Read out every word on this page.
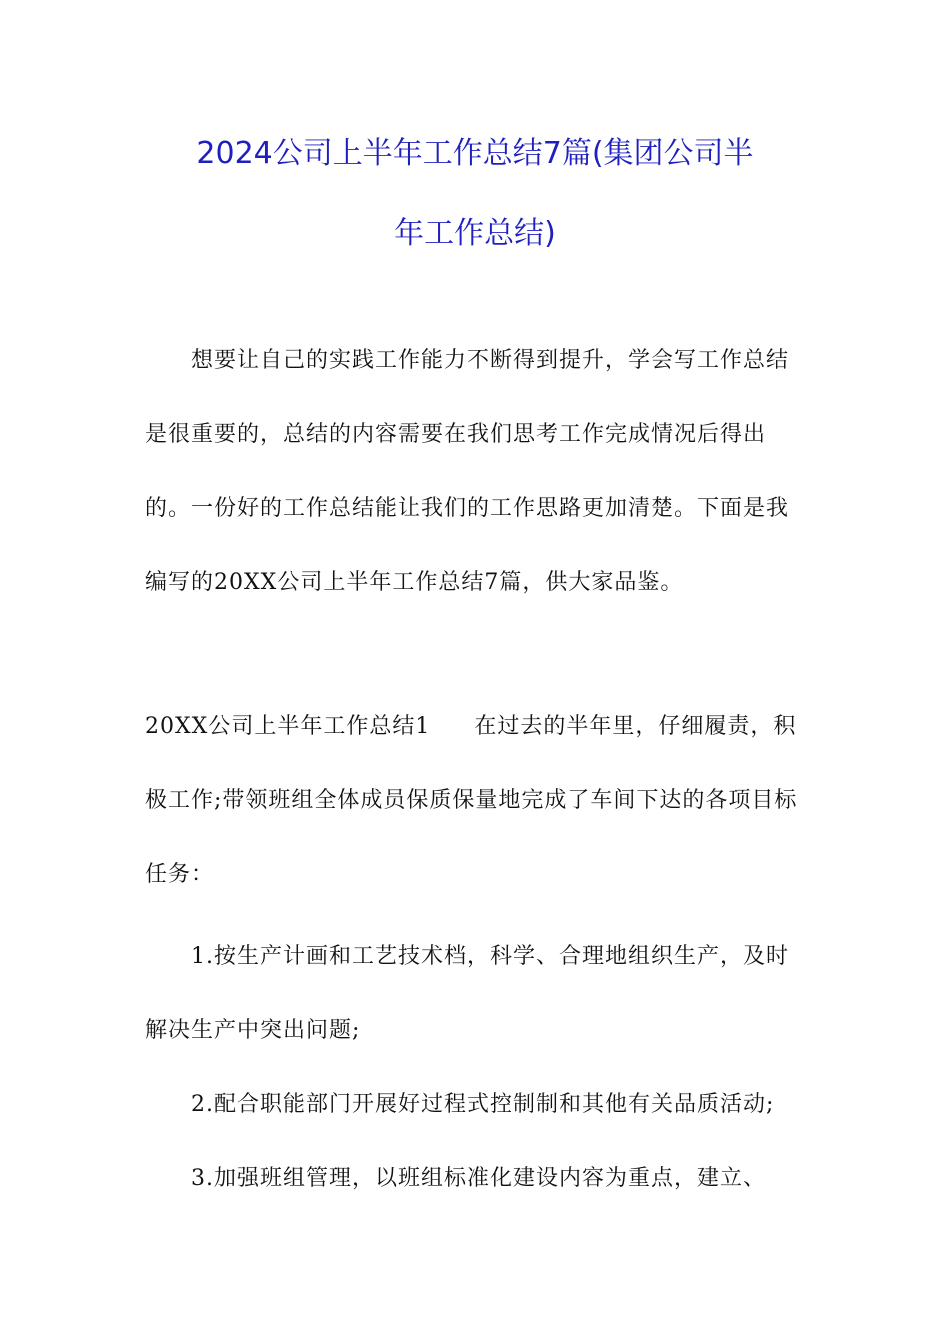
2024公司上半年工作总结7篇(集团公司半
年工作总结)

想要让自己的实践工作能力不断得到提升，学会写工作总结是很重要的，总结的内容需要在我们思考工作完成情况后得出的。一份好的工作总结能让我们的工作思路更加清楚。下面是我编写的20XX公司上半年工作总结7篇，供大家品鉴。

20XX公司上半年工作总结1 在过去的半年里，仔细履责，积极工作;带领班组全体成员保质保量地完成了车间下达的各项目标任务：

1.按生产计画和工艺技术档，科学、合理地组织生产，及时解决生产中突出问题;

2.配合职能部门开展好过程式控制制和其他有关品质活动;

3.加强班组管理，以班组标准化建设内容为重点，建立、
